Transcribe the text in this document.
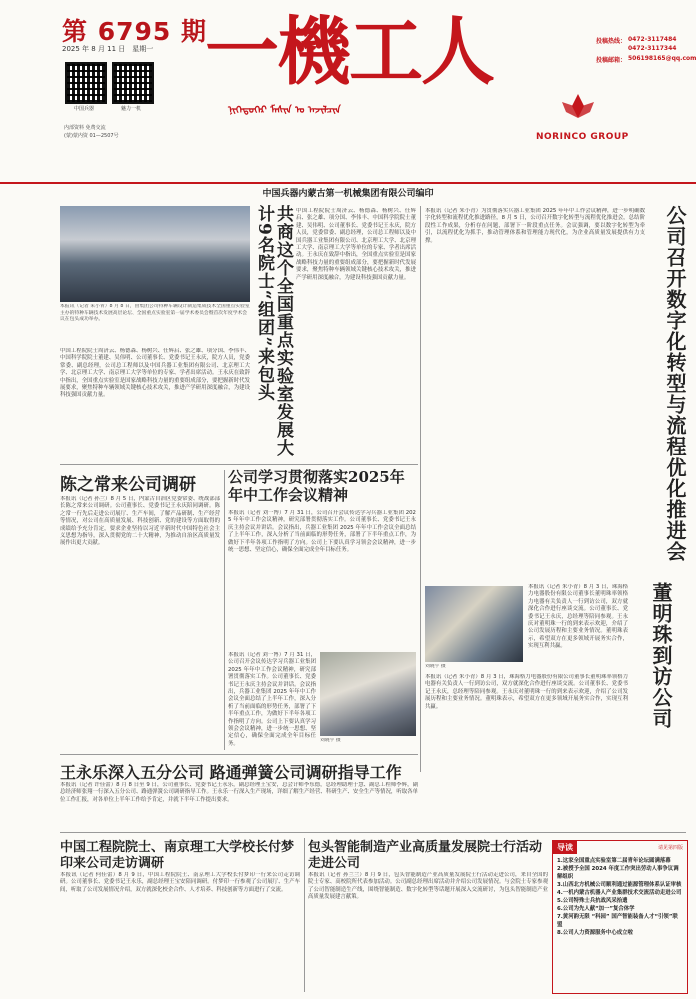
第 6795 期
2025 年 8 月 11 日　星期一
中国兵器	魅力一机
内部资料 免费交流
(蒙)蒙内资 01—2507号
一機工人
ᠨᠢᠭᠡᠳᠦᠭᠡᠷ ᠮᠠᠰᠢᠨ ᠤ ᠠᠵᠢᠯᠴᠢᠨ
NORINCO GROUP
投稿热线： 0472-3117484
0472-3117344
投稿邮箱： 506198165@qq.com
中国兵器内蒙古第一机械集团有限公司编印
本报讯（记者 朱小青）8 月 8 日，由集团公司特种车辆设计制造集成技术全国重点实验室主办的特种车辆技术发展高层论坛、全国重点实验室第一届学术委员会暨首次年度学术会议在包头成功举办。
中国工程院院士周济云、杨德森、杨树兴、任辉启、张之雄、项分国、李伟丰、中国科学院院士董建、吴伟明、公司董事长、党委书记王永庆，院方人员，党委常委、副总经理，公司总工程师以及中国兵器工业集团有限公司、北京理工大学、北京理工大学、南京理工大学等单位的专家、学者出席活动。王永庆在致辞中指出，全国重点实验室是国家战略科技力量的重要组成部分，要把握新时代发展要求，聚焦特种车辆领域关键核心技术攻关，推进产学研用深度融合，为建设科技强国贡献力量。	共商这个全国重点实验室发展大计9名院士“组团”来包头	中国工程院院士周济云、杨德森、杨树兴、任辉启、张之雄、项分国、李伟丰、中国科学院院士董建、吴伟明、公司董事长、党委书记王永庆，院方人员，党委常委、副总经理，公司总工程师以及中国兵器工业集团有限公司、北京理工大学、北京理工大学、南京理工大学等单位的专家、学者出席活动。王永庆在致辞中指出，全国重点实验室是国家战略科技力量的重要组成部分，要把握新时代发展要求，聚焦特种车辆领域关键核心技术攻关，推进产学研用深度融合，为建设科技强国贡献力量。
本报讯（记者 朱小青）为贯彻落实兵器工业集团 2025 年年中工作会议精神，进一步明确数字化转型和流程优化推进路径，8 月 5 日，公司召开数字化转型与流程优化推进会，总结阶段性工作成果，分析存在问题，部署下一阶段重点任务。会议强调，要以数字化转型为牵引，以流程优化为抓手，推动管理体系和管理能力现代化，为企业高质量发展提供有力支撑。	公司召开数字化转型与流程优化推进会
刘晓宇 摄	董明珠到访公司
本报讯（记者 朱小青）8 月 3 日，珠海格力电器股份有限公司董事长董明珠率领格力电器有关负责人一行到访公司，双方就深化合作进行座谈交流。公司董事长、党委书记王永庆，总经理等陪同参观。王永庆对董明珠一行的到来表示欢迎，介绍了公司发展历程和主要业务情况。董明珠表示，希望双方在更多领域开展务实合作，实现互利共赢。
本报讯（记者 朱小青）8 月 3 日，珠海格力电器股份有限公司董事长董明珠率领格力电器有关负责人一行到访公司，双方就深化合作进行座谈交流。公司董事长、党委书记王永庆，总经理等陪同参观。王永庆对董明珠一行的到来表示欢迎，介绍了公司发展历程和主要业务情况。董明珠表示，希望双方在更多领域开展务实合作，实现互利共赢。
陈之常来公司调研
本报讯（记者 孙兰）8 月 5 日，内蒙古自治区党委常委、统战部部长陈之常来公司调研。公司董事长、党委书记王永庆陪同调研。陈之常一行先后走进公司展厅、生产车间，了解产品研制、生产经营等情况，对公司在高质量发展、科技创新、党的建设等方面取得的成绩给予充分肯定，要求企业坚持以习近平新时代中国特色社会主义思想为指导，深入贯彻党的二十大精神，为推动自治区高质量发展作出更大贡献。
公司学习贯彻落实2025年年中工作会议精神
本报讯（记者 刘一博）7 月 31 日，公司召开会议传达学习兵器工业集团 2025 年年中工作会议精神，研究部署贯彻落实工作。公司董事长、党委书记王永庆主持会议并讲话。会议指出，兵器工业集团 2025 年年中工作会议全面总结了上半年工作，深入分析了当前面临的形势任务，部署了下半年重点工作，为做好下半年各项工作指明了方向。公司上下要认真学习领会会议精神，进一步统一思想、坚定信心，确保全面完成全年目标任务。
刘晓宇 摄
本报讯（记者 刘一博）7 月 31 日，公司召开会议传达学习兵器工业集团 2025 年年中工作会议精神，研究部署贯彻落实工作。公司董事长、党委书记王永庆主持会议并讲话。会议指出，兵器工业集团 2025 年年中工作会议全面总结了上半年工作，深入分析了当前面临的形势任务，部署了下半年重点工作，为做好下半年各项工作指明了方向。公司上下要认真学习领会会议精神，进一步统一思想、坚定信心，确保全面完成全年目标任务。
王永乐深入五分公司 路通弹簧公司调研指导工作
本报讯（记者 许佳蕾）8 月 8 日至 9 日，公司董事长、党委书记王永乐，副总经理王宝安，总会计师李东德，总经理助理于慧、副总工程师李辉，副总经济师张翔一行深入五分公司、路通弹簧公司调研指导工作。王永乐一行深入生产现场，详细了解生产经营、科研生产、安全生产等情况，听取各单位工作汇报，对各单位上半年工作给予肯定，并就下半年工作提出要求。
中国工程院院士、南京理工大学校长付梦印来公司走访调研
本报讯（记者 何佳蕾）8 月 9 日，中国工程院院士、南京理工大学校长付梦印一行来公司走访调研。公司董事长、党委书记王永乐，副总经理王宝安陪同调研。付梦印一行参观了公司展厅、生产车间，听取了公司发展情况介绍，双方就深化校企合作、人才培养、科技创新等方面进行了交流。
包头智能制造产业高质量发展院士行活动走进公司
本报讯（记者 孙兰兰）8 月 9 日，包头智能制造产业高质量发展院士行活动走进公司，来自全国的院士专家、高校院所代表参加活动。公司副总经理出席活动并介绍公司发展情况。与会院士专家参观了公司智能制造生产线，围绕智能制造、数字化转型等话题开展深入交流研讨，为包头智能制造产业高质量发展建言献策。
导读	请见第四版
1.这家全国重点实验室第二届青年论坛圆满落幕
2.被授予全国 2024 年度工作突出劳动人事争议调解组织
3.山西北方机械公司顺利通过能源管理体系认证审核
4.一机内蒙古机器人产业集群技术交流活动走进公司
5.公司特殊士兵抗战风采拾遗
6.公司为先人献“加一”复合体学
7.黄河韵无限 “科园” 国产智能装备人才“引领”联盟
8.公司人力资源服务中心成立啦
